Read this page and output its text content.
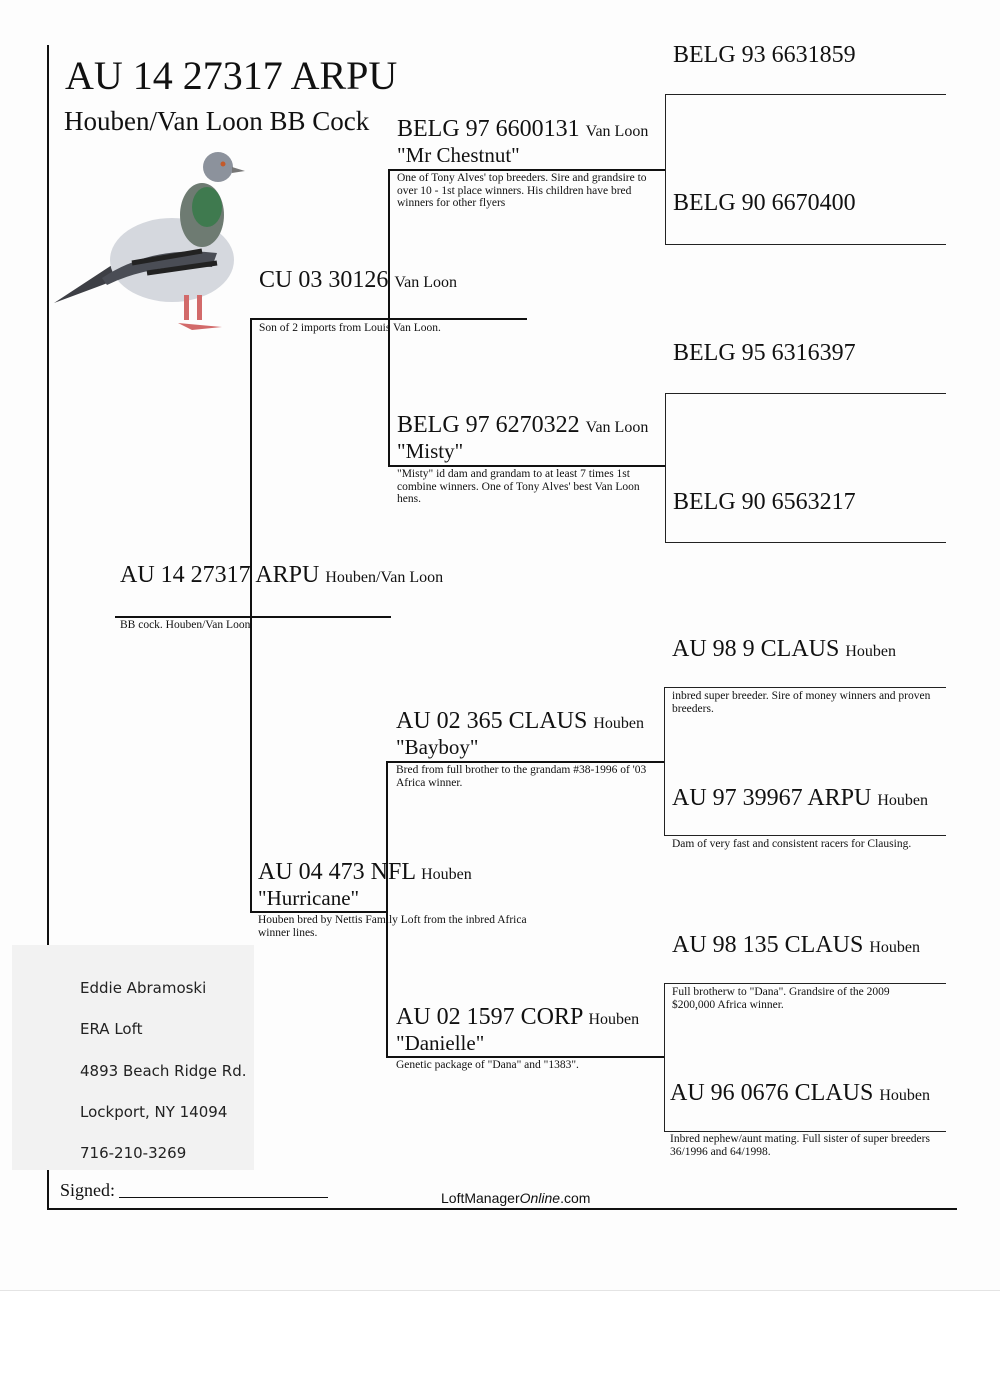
AU 14 27317 ARPU
Houben/Van Loon BB Cock
AU 14 27317 ARPU Houben/Van Loon
BB cock. Houben/Van Loon
CU 03 30126 Van Loon
Son of 2 imports from Louis Van Loon.
AU 04 473 NFL Houben
"Hurricane"
Houben bred by Nettis Family Loft from the inbred Africa winner lines.
BELG 97 6600131 Van Loon
"Mr Chestnut"
One of Tony Alves' top breeders. Sire and grandsire to over 10 - 1st place winners. His children have bred winners for other flyers
BELG 97 6270322 Van Loon
"Misty"
"Misty" id dam and grandam to at least 7 times 1st combine winners. One of Tony Alves' best Van Loon hens.
AU 02 365 CLAUS Houben
"Bayboy"
Bred from full brother to the grandam #38-1996 of '03 Africa winner.
AU 02 1597 CORP Houben
"Danielle"
Genetic package of "Dana" and "1383".
BELG 93 6631859
BELG 90 6670400
BELG 95 6316397
BELG 90 6563217
AU 98 9 CLAUS Houben
inbred super breeder. Sire of money winners and proven breeders.
AU 97 39967 ARPU Houben
Dam of very fast and consistent racers for Clausing.
AU 98 135 CLAUS Houben
Full brotherw to "Dana". Grandsire of the 2009 $200,000 Africa winner.
AU 96 0676 CLAUS Houben
Inbred nephew/aunt mating. Full sister of super breeders 36/1996 and 64/1998.
Eddie Abramoski
ERA Loft
4893 Beach Ridge Rd.
Lockport, NY 14094
716-210-3269
Signed:	LoftManagerOnline.com
